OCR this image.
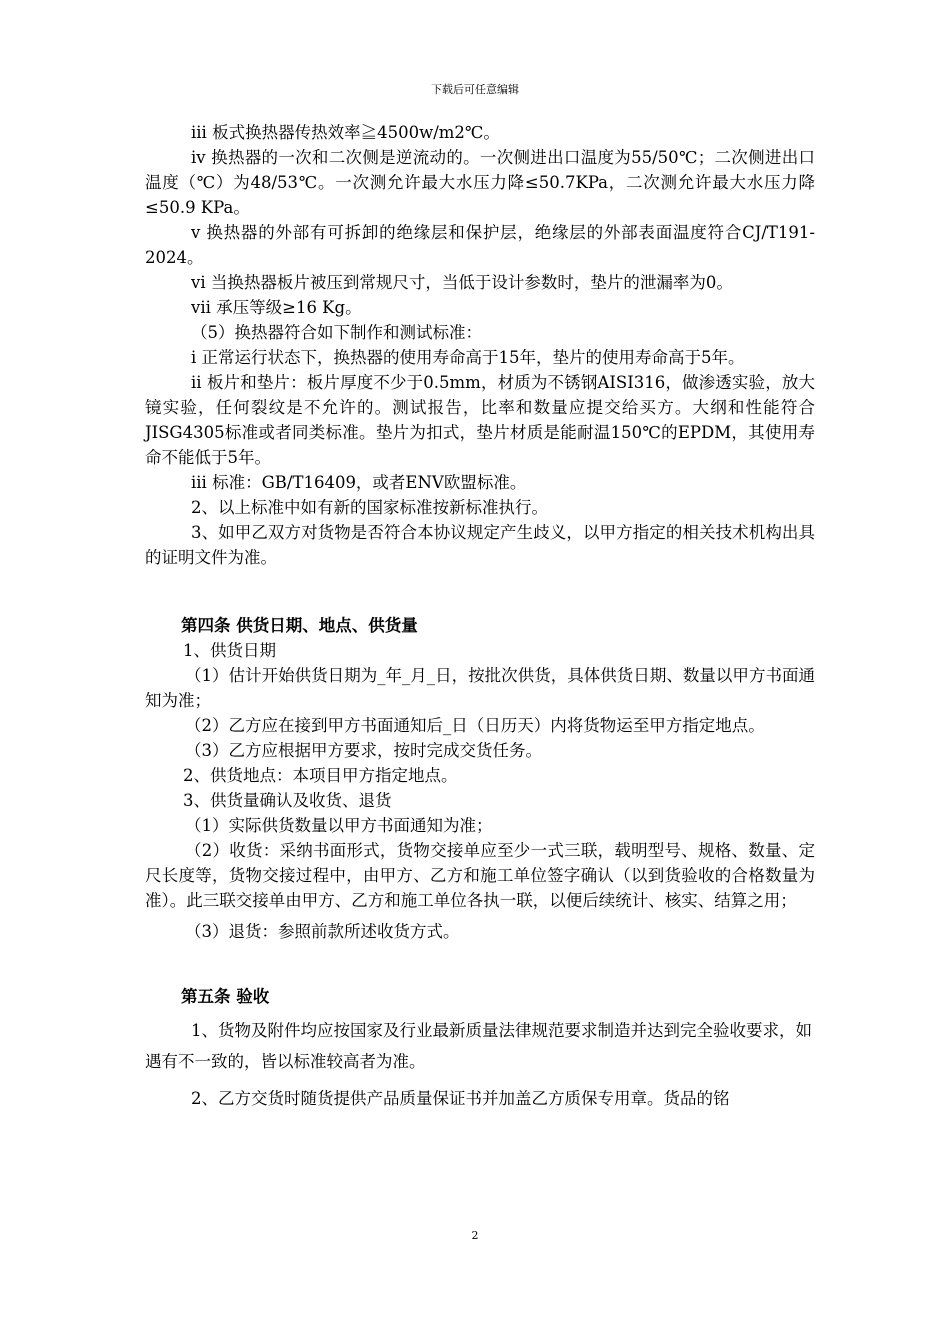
下载后可任意编辑

iii 板式换热器传热效率≧4500w/m2℃。

iv 换热器的一次和二次侧是逆流动的。一次侧进出口温度为55/50℃；二次侧进出口温度（℃）为48/53℃。一次测允许最大水压力降≤50.7KPa，二次测允许最大水压力降≤50.9 KPa。

v 换热器的外部有可拆卸的绝缘层和保护层，绝缘层的外部表面温度符合CJ/T191-2024。

vi 当换热器板片被压到常规尺寸，当低于设计参数时，垫片的泄漏率为0。

vii 承压等级≥16 Kg。

（5）换热器符合如下制作和测试标准：

i 正常运行状态下，换热器的使用寿命高于15年，垫片的使用寿命高于5年。

ii 板片和垫片：板片厚度不少于0.5mm，材质为不锈钢AISI316，做渗透实验，放大镜实验，任何裂纹是不允许的。测试报告，比率和数量应提交给买方。大纲和性能符合JISG4305标准或者同类标准。垫片为扣式，垫片材质是能耐温150℃的EPDM，其使用寿命不能低于5年。

iii 标准：GB/T16409，或者ENV欧盟标准。

2、以上标准中如有新的国家标准按新标准执行。

3、如甲乙双方对货物是否符合本协议规定产生歧义，以甲方指定的相关技术机构出具的证明文件为准。

第四条 供货日期、地点、供货量

1、供货日期

（1）估计开始供货日期为_年_月_日，按批次供货，具体供货日期、数量以甲方书面通知为准；

（2）乙方应在接到甲方书面通知后_日（日历天）内将货物运至甲方指定地点。

（3）乙方应根据甲方要求，按时完成交货任务。

2、供货地点：本项目甲方指定地点。

3、供货量确认及收货、退货

（1）实际供货数量以甲方书面通知为准；

（2）收货：采纳书面形式，货物交接单应至少一式三联，载明型号、规格、数量、定尺长度等，货物交接过程中，由甲方、乙方和施工单位签字确认（以到货验收的合格数量为准）。此三联交接单由甲方、乙方和施工单位各执一联，以便后续统计、核实、结算之用；

（3）退货：参照前款所述收货方式。

第五条 验收

1、货物及附件均应按国家及行业最新质量法律规范要求制造并达到完全验收要求，如遇有不一致的，皆以标准较高者为准。

2、乙方交货时随货提供产品质量保证书并加盖乙方质保专用章。货品的铭

2
